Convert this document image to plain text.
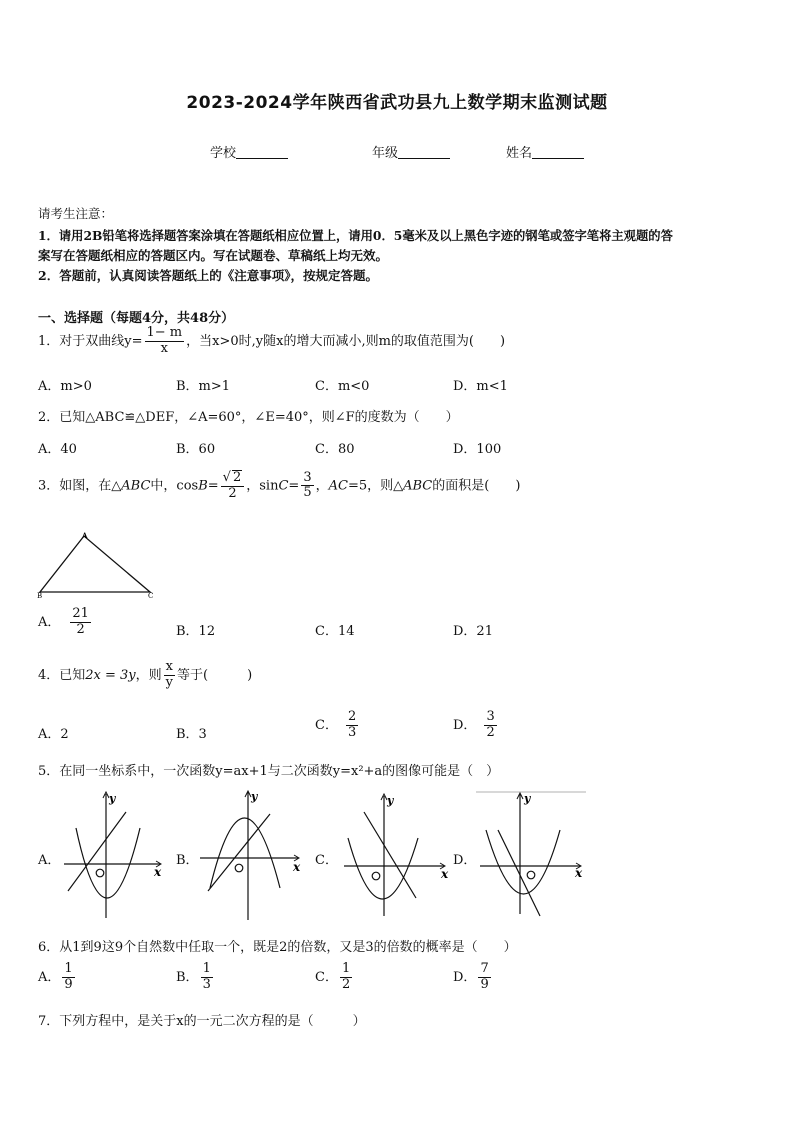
2023-2024学年陕西省武功县九上数学期末监测试题
学校	年级	姓名
请考生注意：
1．请用2B铅笔将选择题答案涂填在答题纸相应位置上，请用0．5毫米及以上黑色字迹的钢笔或签字笔将主观题的答
案写在答题纸相应的答题区内。写在试题卷、草稿纸上均无效。
2．答题前，认真阅读答题纸上的《注意事项》，按规定答题。
一、选择题（每题4分，共48分）
1．对于双曲线$y= \frac{1- m}{x}$ ，当x>0时,y随x的增大而减小,则m的取值范围为(　　)
A．m>0	B．m>1	C．m<0	D．m<1
2．已知△ABC≌△DEF，∠A=60°，∠E=40°，则∠F的度数为（　　）
A．40	B．60	C．80	D．100
3．如图，在△ABC中，$\cos B= \frac{√ 2}{2}$ ，$\sin C= \frac{3}{5}$ ，AC=5，则△ABC的面积是(　　)
A
B	C
A． $\frac{21}{2}$	B．12	C．14	D．21
4．已知2x = 3y，则 $\frac{x}{y}$ 等于(　　　)
A．2	B．3
C． $\frac{2}{3}$	D． $\frac{3}{2}$
5．在同一坐标系中，一次函数y=ax+1与二次函数y=x²+a的图像可能是（　）
A．	B．	C．	D．
y
x
y
x
y
x
y
x
6．从1到9这9个自然数中任取一个，既是2的倍数，又是3的倍数的概率是（　　）
A． $\frac{1}{9}$	B． $\frac{1}{3}$	C． $\frac{1}{2}$	D． $\frac{7}{9}$
7．下列方程中，是关于x的一元二次方程的是（　　　）
